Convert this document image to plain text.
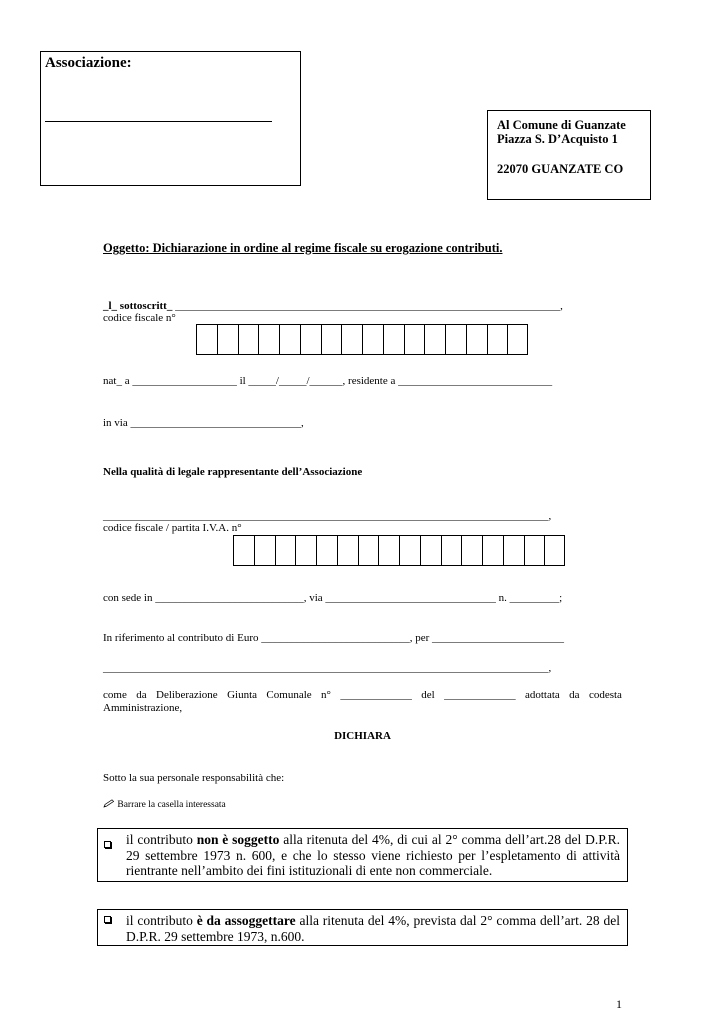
Associazione:
Al Comune di Guanzate
Piazza S. D’Acquisto 1
22070 GUANZATE CO
Oggetto: Dichiarazione in ordine al regime fiscale su erogazione contributi.
_l_ sottoscritt_ ______________________________________________________________________,
codice fiscale n°
nat_ a ___________________ il _____/_____/______, residente a ____________________________
in via _______________________________,
Nella qualità di legale rappresentante dell’Associazione
_________________________________________________________________________________,
codice fiscale / partita I.V.A. n°
con sede in ___________________________, via _______________________________ n. _________;
In riferimento al contributo di Euro ___________________________, per ________________________
_________________________________________________________________________________,
come da Deliberazione Giunta Comunale n° _____________ del _____________ adottata da codesta
Amministrazione,
DICHIARA
Sotto la sua personale responsabilità che:
Barrare la casella interessata
il contributo non è soggetto alla ritenuta del 4%, di cui al 2° comma dell’art.28 del D.P.R. 29 settembre 1973 n. 600, e che lo stesso viene richiesto per l’espletamento di attività rientrante nell’ambito dei fini istituzionali di ente non commerciale.
il contributo è da assoggettare alla ritenuta del 4%, prevista dal 2° comma dell’art. 28 del D.P.R. 29 settembre 1973, n.600.
1
